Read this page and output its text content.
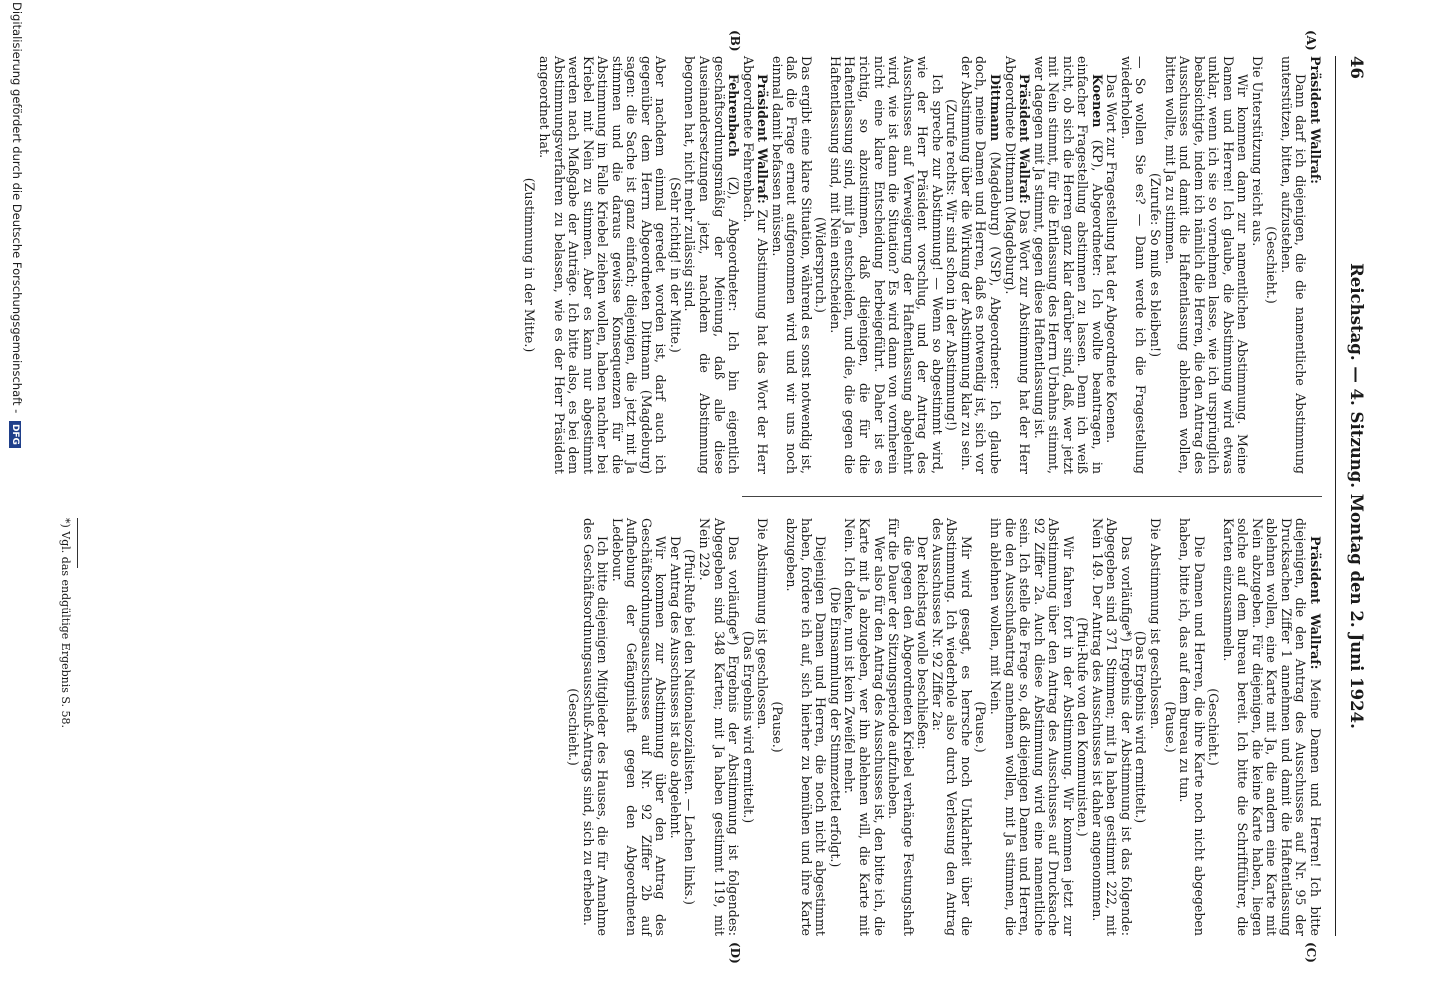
46
Reichstag. — 4. Sitzung. Montag den 2. Juni 1924.
(A)
(B)
(C)
(D)

Präsident Wallraf:

Dann darf ich diejenigen, die die namentliche Abstimmung unterstützen, bitten, aufzustehen.

(Geschieht.)

Die Unterstützung reicht aus.

Wir kommen dann zur namentlichen Abstimmung. Meine Damen und Herren! Ich glaube, die Abstimmung wird etwas unklar, wenn ich sie so vornehmen lasse, wie ich ursprünglich beabsichtigte, indem ich nämlich die Herren, die den Antrag des Ausschusses und damit die Haftentlassung ablehnen wollen, bitten wollte, mit Ja zu stimmen.

(Zurufe: So muß es bleiben!)

— So wollen Sie es? — Dann werde ich die Fragestellung wiederholen.

Das Wort zur Fragestellung hat der Abgeordnete Koenen.

Koenen (KP), Abgeordneter: Ich wollte beantragen, in einfacher Fragestellung abstimmen zu lassen. Denn ich weiß nicht, ob sich die Herren ganz klar darüber sind, daß, wer jetzt mit Nein stimmt, für die Entlassung des Herrn Urbahns stimmt, wer dagegen mit Ja stimmt, gegen diese Haftentlassung ist.

Präsident Wallraf: Das Wort zur Abstimmung hat der Herr Abgeordnete Dittmann (Magdeburg).

Dittmann (Magdeburg) (VSP), Abgeordneter: Ich glaube doch, meine Damen und Herren, daß es notwendig ist, sich vor der Abstimmung über die Wirkung der Abstimmung klar zu sein.

(Zurufe rechts: Wir sind schon in der Abstimmung!)

Ich spreche zur Abstimmung! — Wenn so abgestimmt wird, wie der Herr Präsident vorschlug, und der Antrag des Ausschusses auf Verweigerung der Haftentlassung abgelehnt wird, wie ist dann die Situation? Es wird dann von vornherein nicht eine klare Entscheidung herbeigeführt. Daher ist es richtig, so abzustimmen, daß diejenigen, die für die Haftentlassung sind, mit Ja entscheiden, und die, die gegen die Haftentlassung sind, mit Nein entscheiden.

(Widerspruch.)

Das ergibt eine klare Situation, während es sonst notwendig ist, daß die Frage erneut aufgenommen wird und wir uns noch einmal damit befassen müssen.

Präsident Wallraf: Zur Abstimmung hat das Wort der Herr Abgeordnete Fehrenbach.

Fehrenbach (Z), Abgeordneter: Ich bin eigentlich geschäftsordnungsmäßig der Meinung, daß alle diese Auseinandersetzungen jetzt, nachdem die Abstimmung begonnen hat, nicht mehr zulässig sind.

(Sehr richtig! in der Mitte.)

Aber nachdem einmal geredet worden ist, darf auch ich gegenüber dem Herrn Abgeordneten Dittmann (Magdeburg) sagen: die Sache ist ganz einfach; diejenigen, die jetzt mit Ja stimmen und die daraus gewisse Konsequenzen für die Abstimmung im Falle Kriebel ziehen wollen, haben nachher bei Kriebel mit Nein zu stimmen. Aber es kann nur abgestimmt werden nach Maßgabe der Anträge. Ich bitte also, es bei dem Abstimmungsverfahren zu belassen, wie es der Herr Präsident angeordnet hat.

(Zustimmung in der Mitte.)

Präsident Wallraf: Meine Damen und Herren! Ich bitte diejenigen, die den Antrag des Ausschusses auf Nr. 95 der Drucksachen Ziffer 1 annehmen und damit die Haftentlassung ablehnen wollen, eine Karte mit Ja, die andern eine Karte mit Nein abzugeben. Für diejenigen, die keine Karte haben, liegen solche auf dem Bureau bereit. Ich bitte die Schriftführer, die Karten einzusammeln.

(Geschieht.)

Die Damen und Herren, die ihre Karte noch nicht abgegeben haben, bitte ich, das auf dem Bureau zu tun.

(Pause.)

Die Abstimmung ist geschlossen.

(Das Ergebnis wird ermittelt.)

Das vorläufige*) Ergebnis der Abstimmung ist das folgende: Abgegeben sind 371 Stimmen; mit Ja haben gestimmt 222, mit Nein 149. Der Antrag des Ausschusses ist daher angenommen.

(Pfui-Rufe von den Kommunisten.)

Wir fahren fort in der Abstimmung. Wir kommen jetzt zur Abstimmung über den Antrag des Ausschusses auf Drucksache 92 Ziffer 2a. Auch diese Abstimmung wird eine namentliche sein. Ich stelle die Frage so, daß diejenigen Damen und Herren, die den Ausschußantrag annehmen wollen, mit Ja stimmen, die ihn ablehnen wollen, mit Nein.

(Pause.)

Mir wird gesagt, es herrsche noch Unklarheit über die Abstimmung. Ich wiederhole also durch Verlesung den Antrag des Ausschusses Nr. 92 Ziffer 2a:

Der Reichstag wolle beschließen:

die gegen den Abgeordneten Kriebel verhängte Festungshaft für die Dauer der Sitzungsperiode aufzuheben.

Wer also für den Antrag des Ausschusses ist, den bitte ich, die Karte mit Ja abzugeben, wer ihn ablehnen will, die Karte mit Nein. Ich denke, nun ist kein Zweifel mehr.

(Die Einsammlung der Stimmzettel erfolgt.)

Diejenigen Damen und Herren, die noch nicht abgestimmt haben, fordere ich auf, sich hierher zu bemühen und ihre Karte abzugeben.

(Pause.)

Die Abstimmung ist geschlossen.

(Das Ergebnis wird ermittelt.)

Das vorläufige*) Ergebnis der Abstimmung ist folgendes: Abgegeben sind 348 Karten; mit Ja haben gestimmt 119, mit Nein 229.

(Pfui-Rufe bei den Nationalsozialisten. — Lachen links.)

Der Antrag des Ausschusses ist also abgelehnt.

Wir kommen zur Abstimmung über den Antrag des Geschäftsordnungsausschusses auf Nr. 92 Ziffer 2b auf Aufhebung der Gefängnishaft gegen den Abgeordneten Ledebour.

Ich bitte diejenigen Mitglieder des Hauses, die für Annahme des Geschäftsordnungsausschuß-Antrags sind, sich zu erheben.

(Geschieht.)

*) Vgl. das endgültige Ergebnis S. 58.
Digitalisierung gefördert durch die Deutsche Forschungsgemeinschaft - DFG
